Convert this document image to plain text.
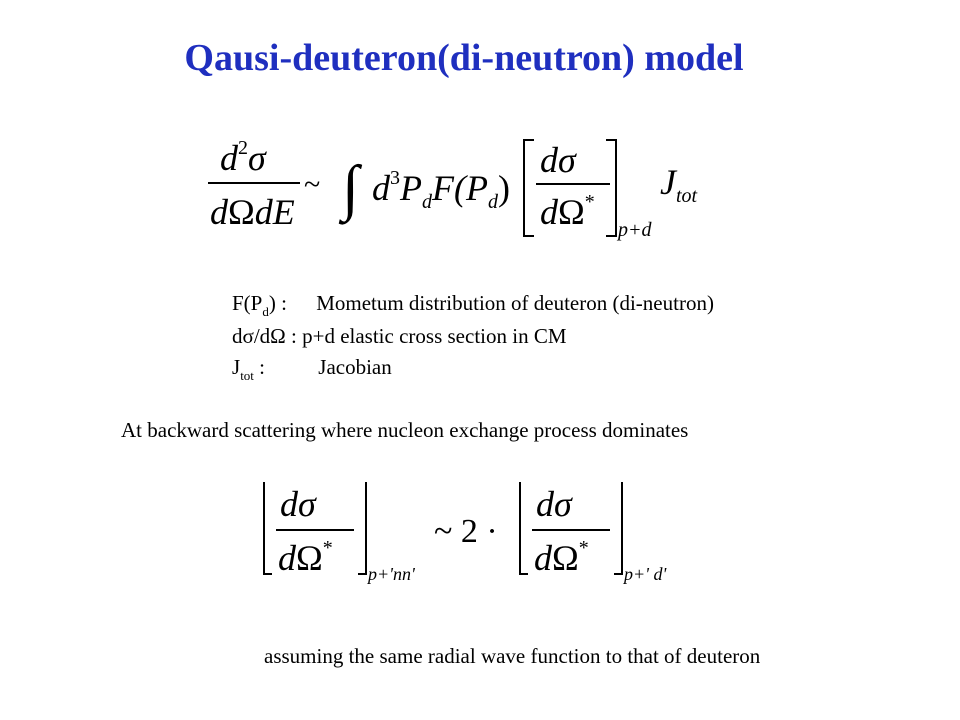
Qausi-deuteron(di-neutron) model
$d^2\sigma$
dΩdE
~ ∫ $d^3P_dF(P_d)$
dσ
dΩ*
p+d
$J_{tot}$
$F(P_d)$ : Mometum distribution of deuteron (di-neutron)
dσ/dΩ : p+d elastic cross section in CM
$J_{tot}$ :	Jacobian
At backward scattering where nucleon exchange process dominates
dσ
dΩ*
p+'nn'
~ 2 ·
dσ
dΩ*
p+' d'
assuming the same radial wave function to that of deuteron
